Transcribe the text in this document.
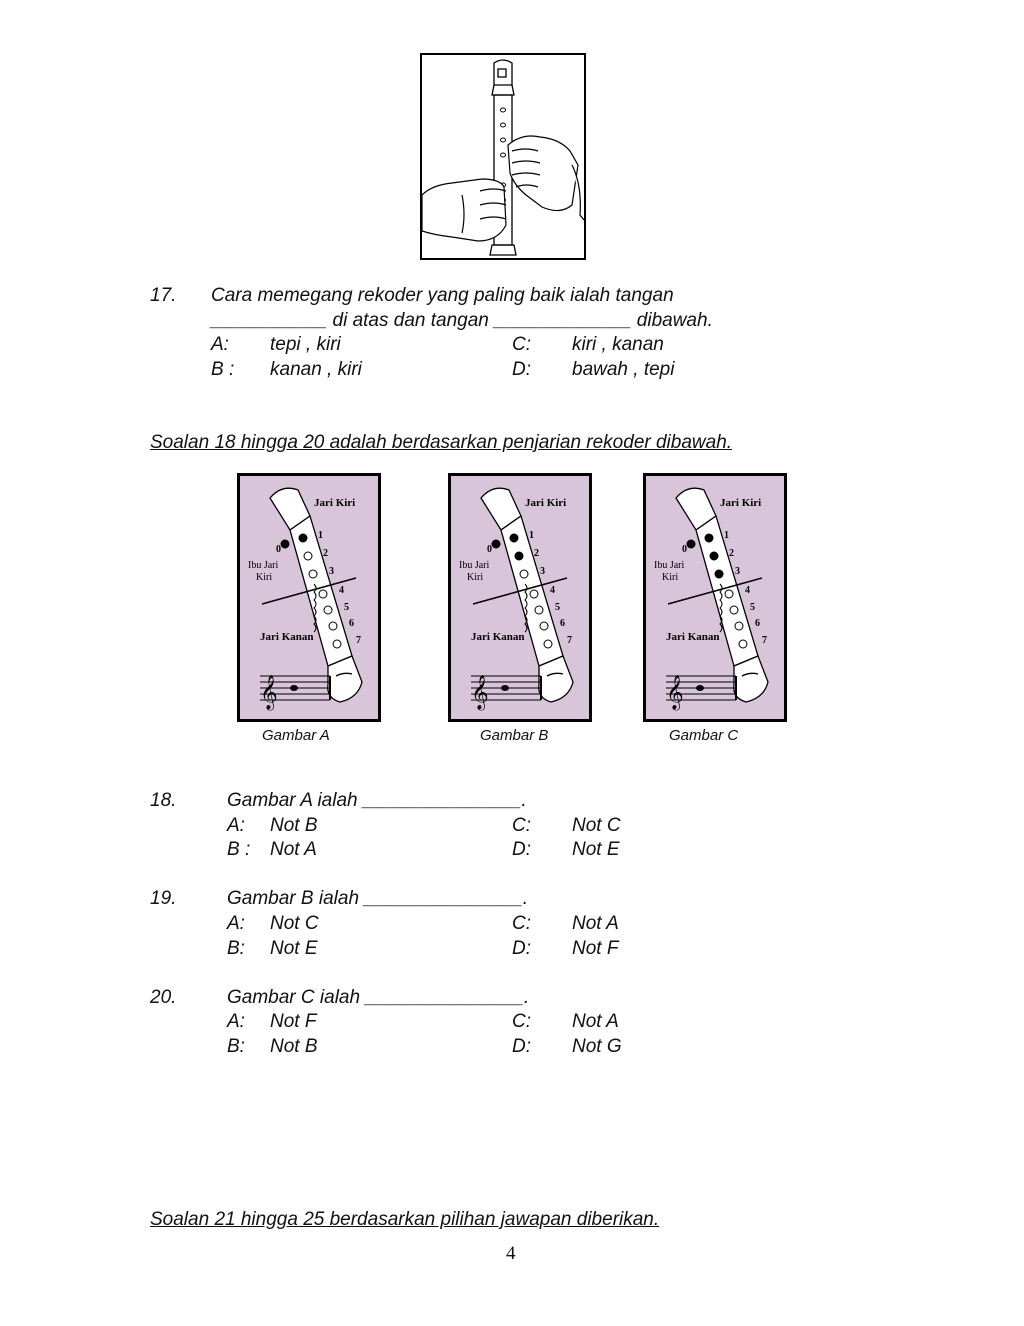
17. Cara memegang rekoder yang paling baik ialah tangan
___________ di atas dan tangan _____________ dibawah.
A: tepi , kiri	C: kiri , kanan
B : kanan , kiri	D: bawah , tepi
Soalan 18 hingga 20 adalah berdasarkan penjarian rekoder dibawah.
0
1
2
3
4
5
6
7
Jari Kiri
Ibu Jari
Kiri
Jari Kanan
𝄞
0
1
2
3
4
5
6
7
Jari Kiri
Ibu Jari
Kiri
Jari Kanan
𝄞
0
1
2
3
4
5
6
7
Jari Kiri
Ibu Jari
Kiri
Jari Kanan
𝄞
Gambar A	Gambar B	Gambar C
18.	Gambar A ialah _______________.
A: Not B	C: Not C
B : Not A	D: Not E
19.	Gambar B ialah _______________.
A: Not C	C: Not A
B: Not E	D: Not F
20.	Gambar C ialah _______________.
A: Not F	C: Not A
B: Not B	D: Not G
Soalan 21 hingga 25 berdasarkan pilihan jawapan diberikan.
4
